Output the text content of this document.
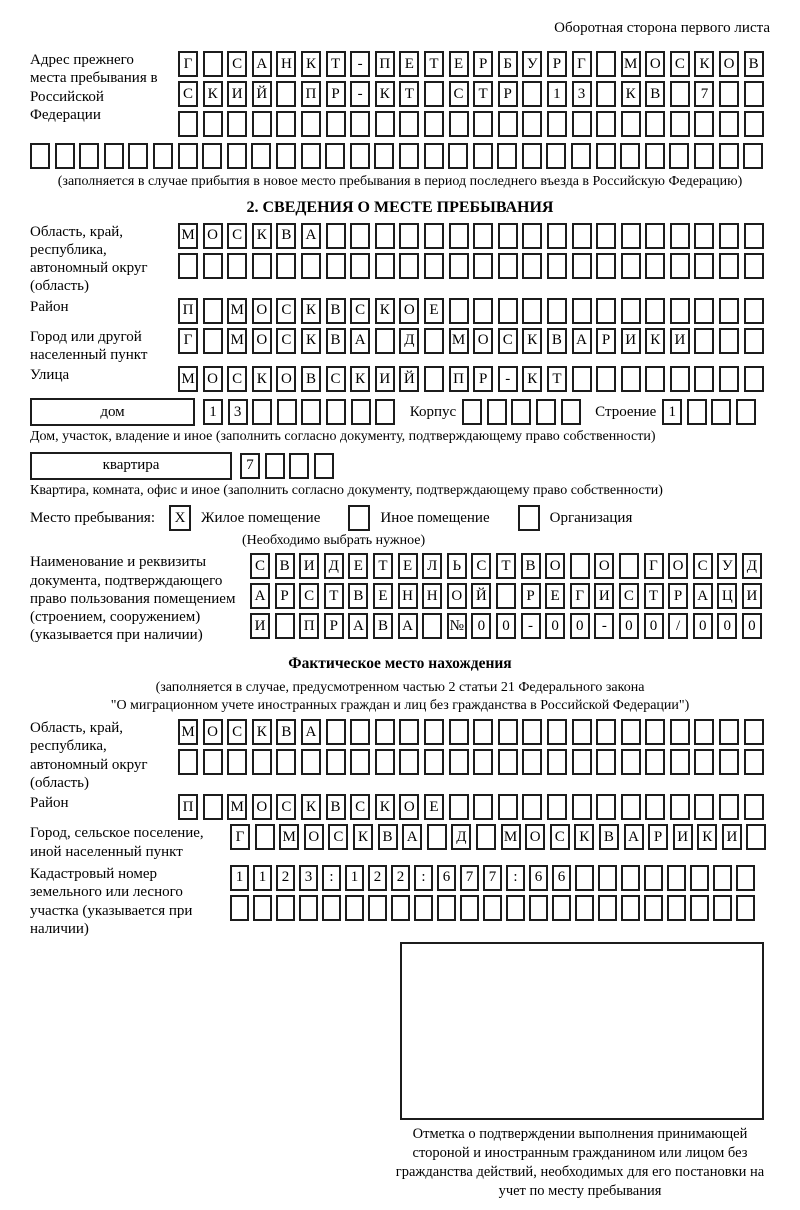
Оборотная сторона первого листа
Адрес прежнего места пребывания в Российской Федерации
Г	С А Н К	Т	-	П Е	Т	Е	Р	Б У	Р	Г	М О С К О В
С К И Й	П	Р	-	К	Т	С	Т	Р	1	3	К В	7
(заполняется в случае прибытия в новое место пребывания в период последнего въезда в Российскую Федерацию)
2. СВЕДЕНИЯ О МЕСТЕ ПРЕБЫВАНИЯ
Область, край, республика, автономный округ (область)
М О С К В А
Район	П	М О С К В С К О Е
Город или другой населенный пункт
Г	М О С К В А	Д	М О С К В А	Р	И К И
Улица	М О С К О В С К И Й	П	Р	-	К	Т
дом	1	3	Корпус	Строение 1
Дом, участок, владение и иное (заполнить согласно документу, подтверждающему право собственности)
квартира	7
Квартира, комната, офис и иное (заполнить согласно документу, подтверждающему право собственности)
Место пребывания:	X	Жилое помещение	Иное помещение	Организация
(Необходимо выбрать нужное)
Наименование и реквизиты документа, подтверждающего право пользования помещением (строением, сооружением) (указывается при наличии)
С В И Д Е	Т	Е Л	Ь	С	Т	В О	О	Г О С У Д
А	Р	С	Т	В	Е Н Н О Й	Р	Е	Г И С	Т	Р	А Ц И
И	П	Р	А В А	№ 0	0	-	0	0	-	0	0	/	0	0	0
Фактическое место нахождения
(заполняется в случае, предусмотренном частью 2 статьи 21 Федерального закона
"О миграционном учете иностранных граждан и лиц без гражданства в Российской Федерации")
Область, край, республика, автономный округ (область)
М О С К В А
Район	П	М О С К В С К О Е
Город, сельское поселение, иной населенный пункт
Г	М О С К В А	Д	М О С К В А	Р	И К И
Кадастровый номер земельного или лесного участка (указывается при наличии)
1	1	2	3	:	1	2	2	:	6	7	7	:	6	6
Отметка о подтверждении выполнения принимающей стороной и иностранным гражданином или лицом без гражданства действий, необходимых для его постановки на учет по месту пребывания
